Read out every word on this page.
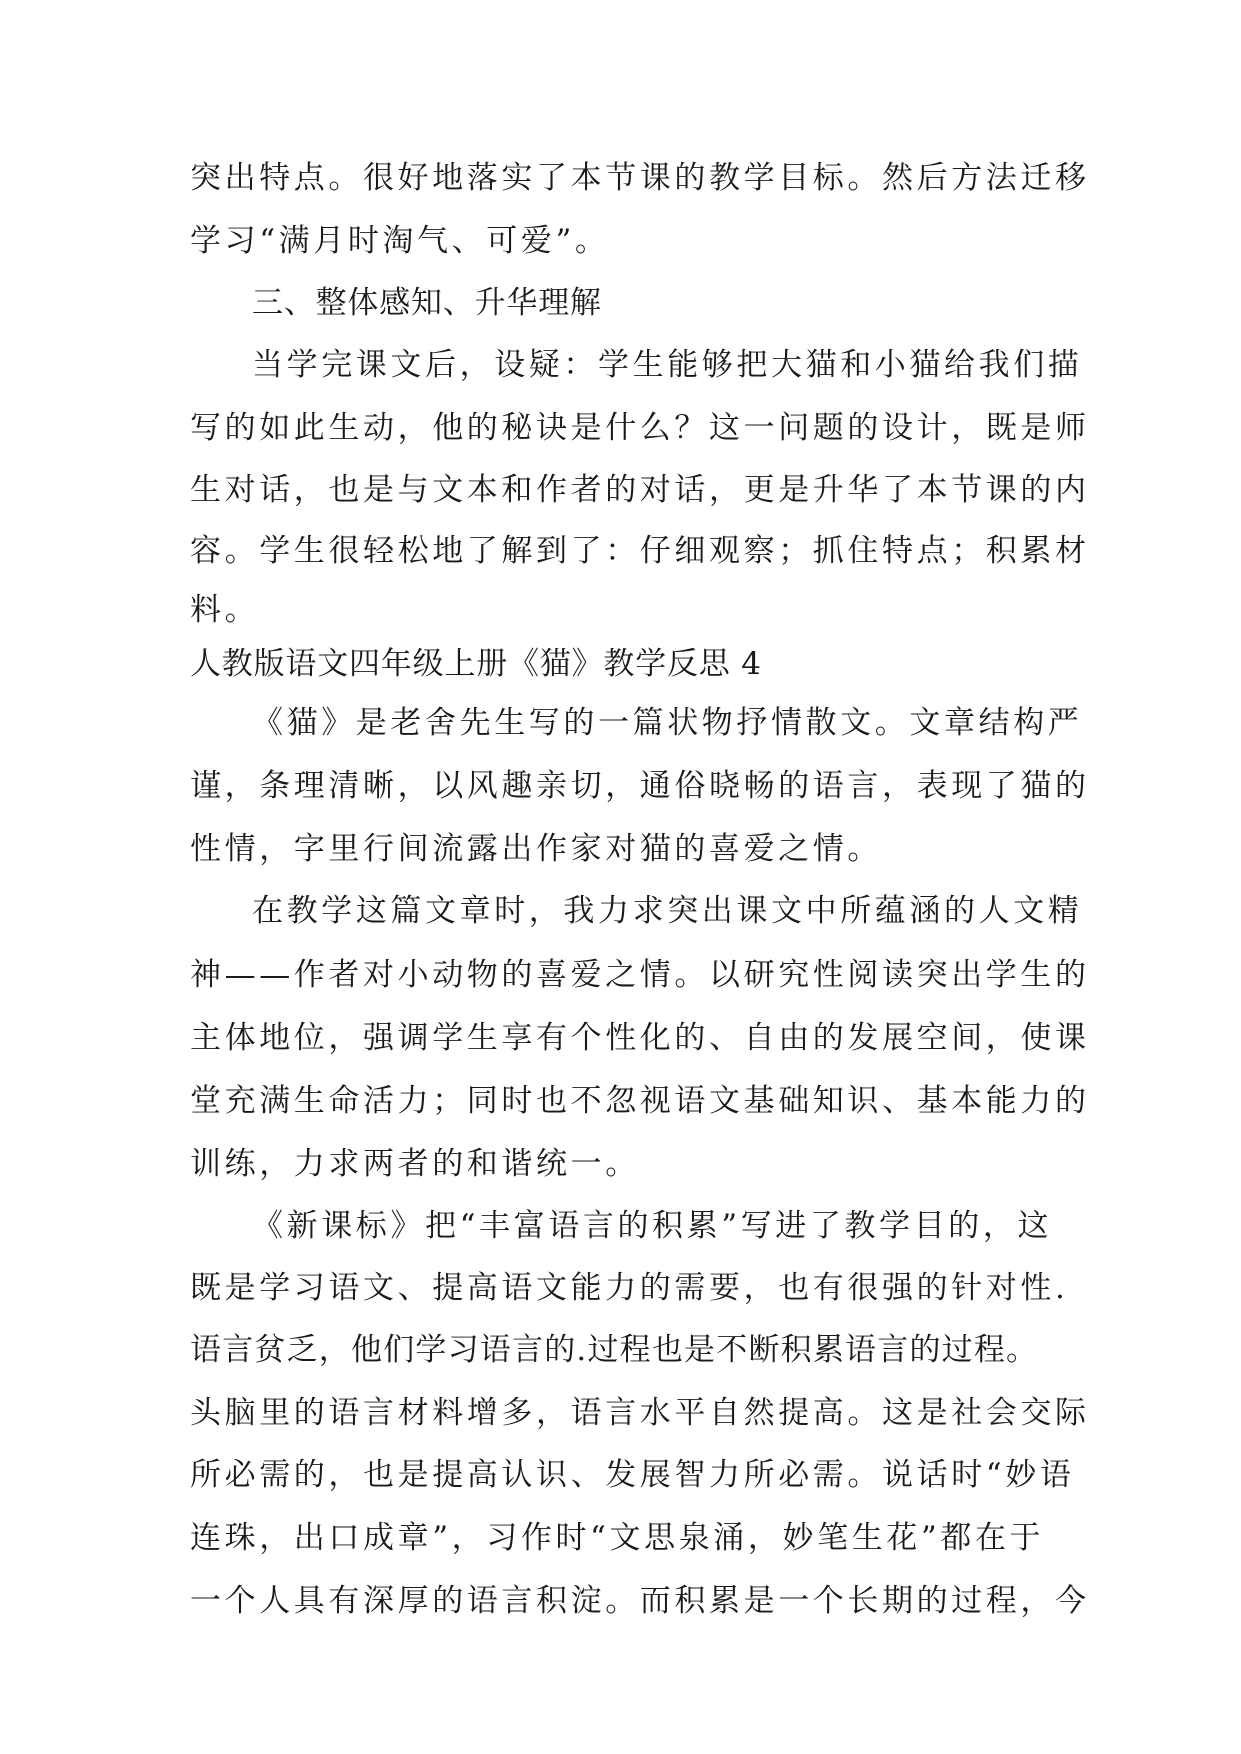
突出特点。很好地落实了本节课的教学目标。然后方法迁移
学习“满月时淘气、可爱”。
三、整体感知、升华理解
当学完课文后，设疑：学生能够把大猫和小猫给我们描
写的如此生动，他的秘诀是什么？这一问题的设计，既是师
生对话，也是与文本和作者的对话，更是升华了本节课的内
容。学生很轻松地了解到了：仔细观察；抓住特点；积累材
料。
人教版语文四年级上册《猫》教学反思 4
《猫》是老舍先生写的一篇状物抒情散文。文章结构严
谨，条理清晰，以风趣亲切，通俗晓畅的语言，表现了猫的
性情，字里行间流露出作家对猫的喜爱之情。
在教学这篇文章时，我力求突出课文中所蕴涵的人文精
神——作者对小动物的喜爱之情。以研究性阅读突出学生的
主体地位，强调学生享有个性化的、自由的发展空间，使课
堂充满生命活力；同时也不忽视语文基础知识、基本能力的
训练，力求两者的和谐统一。
《新课标》把“丰富语言的积累”写进了教学目的，这
既是学习语文、提高语文能力的需要，也有很强的针对性.
语言贫乏，他们学习语言的.过程也是不断积累语言的过程。
头脑里的语言材料增多，语言水平自然提高。这是社会交际
所必需的，也是提高认识、发展智力所必需。说话时“妙语
连珠，出口成章”，习作时“文思泉涌，妙笔生花”都在于
一个人具有深厚的语言积淀。而积累是一个长期的过程，今
